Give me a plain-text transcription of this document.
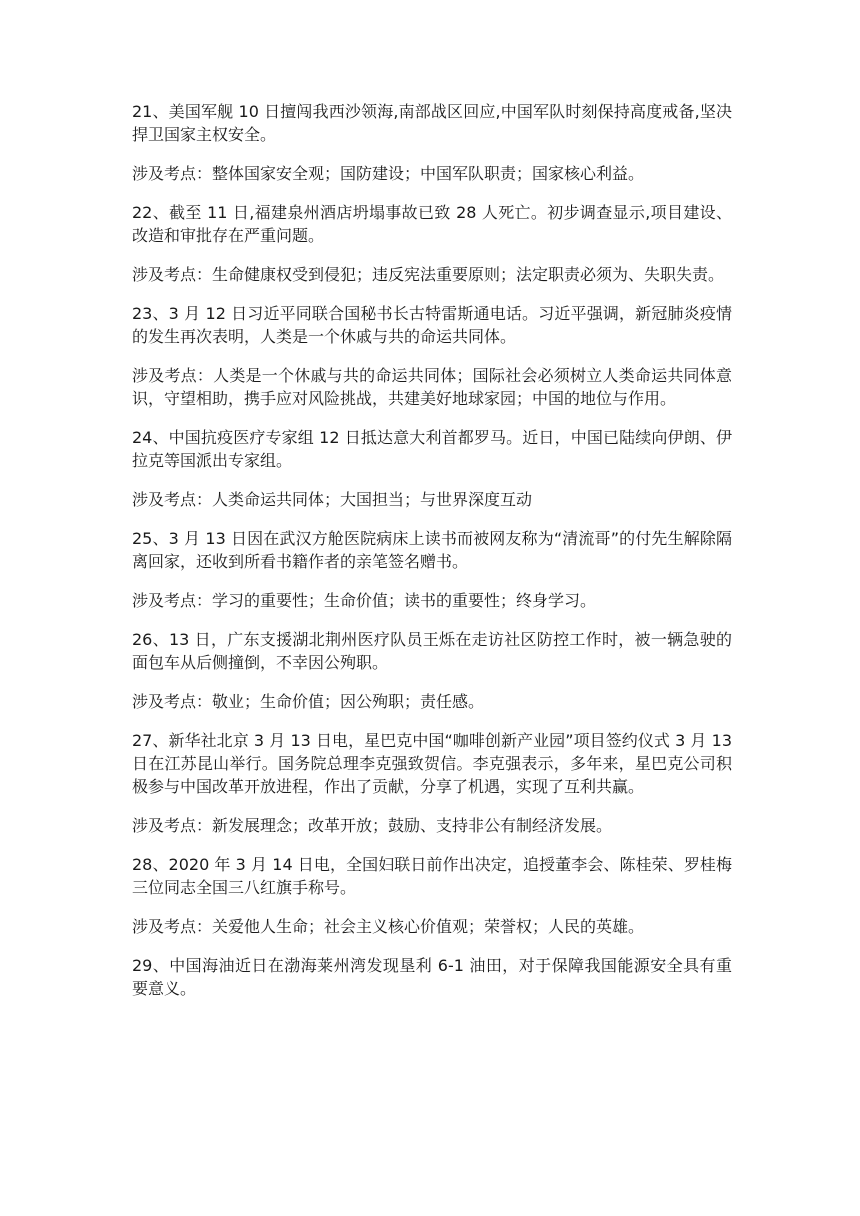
21、美国军舰 10 日擅闯我西沙领海,南部战区回应,中国军队时刻保持高度戒备,坚决捍卫国家主权安全。

涉及考点：整体国家安全观；国防建设；中国军队职责；国家核心利益。

22、截至 11 日,福建泉州酒店坍塌事故已致 28 人死亡。初步调查显示,项目建设、改造和审批存在严重问题。

涉及考点：生命健康权受到侵犯；违反宪法重要原则；法定职责必须为、失职失责。

23、3 月 12 日习近平同联合国秘书长古特雷斯通电话。习近平强调，新冠肺炎疫情的发生再次表明，人类是一个休戚与共的命运共同体。

涉及考点：人类是一个休戚与共的命运共同体；国际社会必须树立人类命运共同体意识，守望相助，携手应对风险挑战，共建美好地球家园；中国的地位与作用。

24、中国抗疫医疗专家组 12 日抵达意大利首都罗马。近日，中国已陆续向伊朗、伊拉克等国派出专家组。

涉及考点：人类命运共同体；大国担当；与世界深度互动

25、3 月 13 日因在武汉方舱医院病床上读书而被网友称为“清流哥”的付先生解除隔离回家，还收到所看书籍作者的亲笔签名赠书。

涉及考点：学习的重要性；生命价值；读书的重要性；终身学习。

26、13 日，广东支援湖北荆州医疗队员王烁在走访社区防控工作时，被一辆急驶的面包车从后侧撞倒，不幸因公殉职。

涉及考点：敬业；生命价值；因公殉职；责任感。

27、新华社北京 3 月 13 日电，星巴克中国“咖啡创新产业园”项目签约仪式 3 月 13 日在江苏昆山举行。国务院总理李克强致贺信。李克强表示，多年来，星巴克公司积极参与中国改革开放进程，作出了贡献，分享了机遇，实现了互利共赢。

涉及考点：新发展理念；改革开放；鼓励、支持非公有制经济发展。

28、2020 年 3 月 14 日电，全国妇联日前作出决定，追授董李会、陈桂荣、罗桂梅三位同志全国三八红旗手称号。

涉及考点：关爱他人生命；社会主义核心价值观；荣誉权；人民的英雄。

29、中国海油近日在渤海莱州湾发现垦利 6-1 油田，对于保障我国能源安全具有重要意义。
